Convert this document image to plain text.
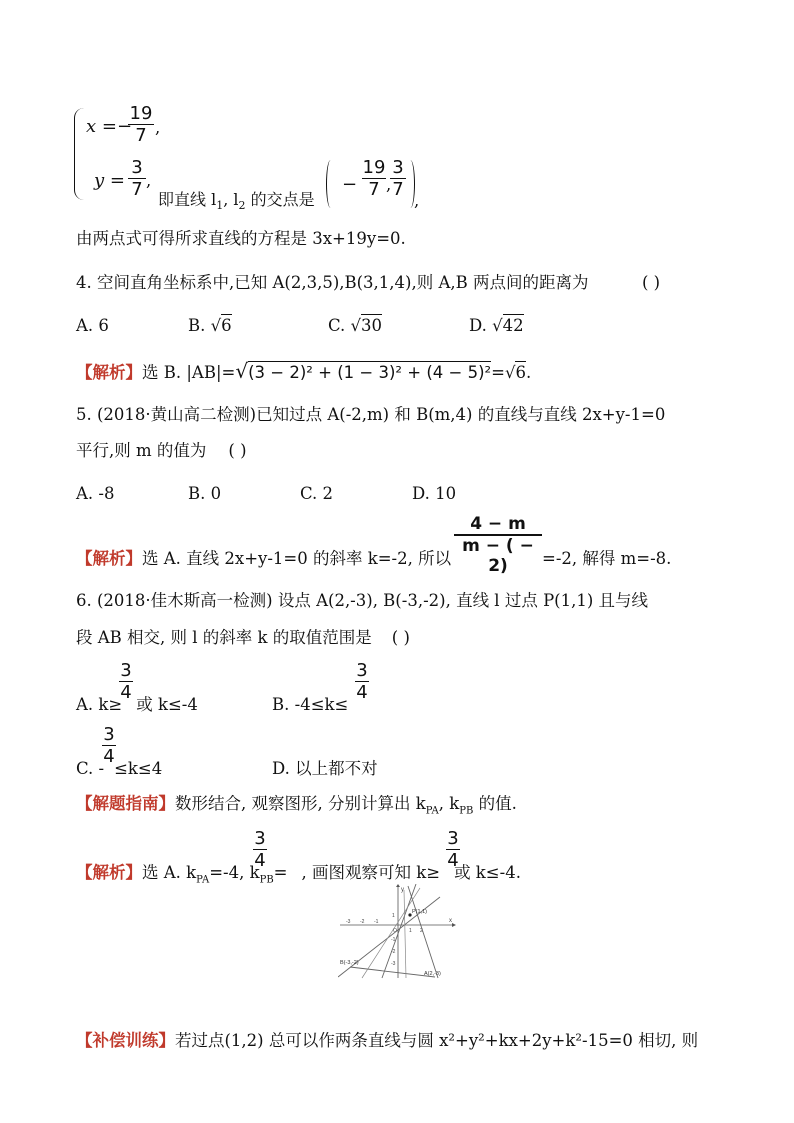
x =−
$\frac{19}{7}$ ,
$y = \frac{3}{7}$ ,
即直线 $l_1$, $l_2$ 的交点是
− $\frac{19}{7}$ ,
$\frac{3}{7}$
,
由两点式可得所求直线的方程是 3x+19y=0.
4. 空间直角坐标系中,已知 A(2,3,5),B(3,1,4),则 A,B 两点间的距离为	( )
A. 6	B. √6	C. √30	D. √42
【解析】选 B. |AB|=√(3 − 2)² + (1 − 3)² + (4 − 5)²=√6.
5. (2018·黄山高二检测)已知过点 A(-2,m) 和 B(m,4) 的直线与直线 2x+y-1=0
平行,则 m 的值为 ( )
A. -8	B. 0	C. 2	D. 10
【解析】选 A. 直线 2x+y-1=0 的斜率 k=-2, 所以 $\frac{4 - m}{m - ( - 2)} =-2$, 解得 m=-8.
6. (2018·佳木斯高一检测) 设点 A(2,-3), B(-3,-2), 直线 l 过点 P(1,1) 且与线
段 AB 相交, 则 l 的斜率 k 的取值范围是 ( )
A. k≥ 或 k≤-4
$\frac{3}{4}$
B. -4≤k≤
$\frac{3}{4}$
C. - ≤k≤4
$\frac{3}{4}$
D. 以上都不对
【解题指南】数形结合, 观察图形, 分别计算出 $k_{PA}$, $k_{PB}$ 的值.
【解析】选 A. $k_{PA}=-4$, $k_{PB}=$ , 画图观察可知 k≥ 或 k≤-4.
$\frac{3}{4}$	$\frac{3}{4}$
y
x
P(1,1)
B(-3,-2)
A(2,-3)
-3 -2 -1
O 1 2
1
-1
-2
-3
【补偿训练】若过点(1,2) 总可以作两条直线与圆 x²+y²+kx+2y+k²-15=0 相切, 则
